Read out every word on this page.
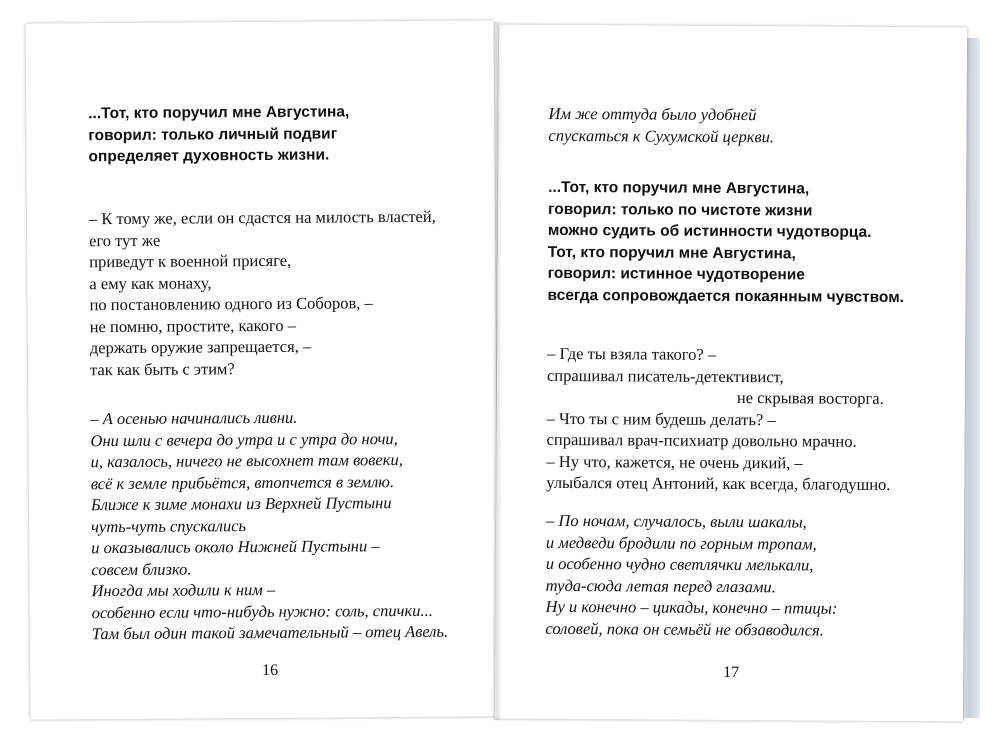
...Тот, кто поручил мне Августина,
говорил: только личный подвиг
определяет духовность жизни.
– К тому же, если он сдастся на милость властей,
его тут же
приведут к военной присяге,
а ему как монаху,
по постановлению одного из Соборов, –
не помню, простите, какого –
держать оружие запрещается, –
так как быть с этим?
– А осенью начинались ливни.
Они шли с вечера до утра и с утра до ночи,
и, казалось, ничего не высохнет там вовеки,
всё к земле прибьётся, втопчется в землю.
Ближе к зиме монахи из Верхней Пустыни
чуть-чуть спускались
и оказывались около Нижней Пустыни –
совсем близко.
Иногда мы ходили к ним –
особенно если что-нибудь нужно: соль, спички...
Там был один такой замечательный – отец Авель.
16
Им же оттуда было удобней
спускаться к Сухумской церкви.
...Тот, кто поручил мне Августина,
говорил: только по чистоте жизни
можно судить об истинности чудотворца.
Тот, кто поручил мне Августина,
говорил: истинное чудотворение
всегда сопровождается покаянным чувством.
– Где ты взяла такого? –
спрашивал писатель-детективист,
не скрывая восторга.
– Что ты с ним будешь делать? –
спрашивал врач-психиатр довольно мрачно.
– Ну что, кажется, не очень дикий, –
улыбался отец Антоний, как всегда, благодушно.
– По ночам, случалось, выли шакалы,
и медведи бродили по горным тропам,
и особенно чудно светлячки мелькали,
туда-сюда летая перед глазами.
Ну и конечно – цикады, конечно – птицы:
соловей, пока он семьёй не обзаводился.
17
